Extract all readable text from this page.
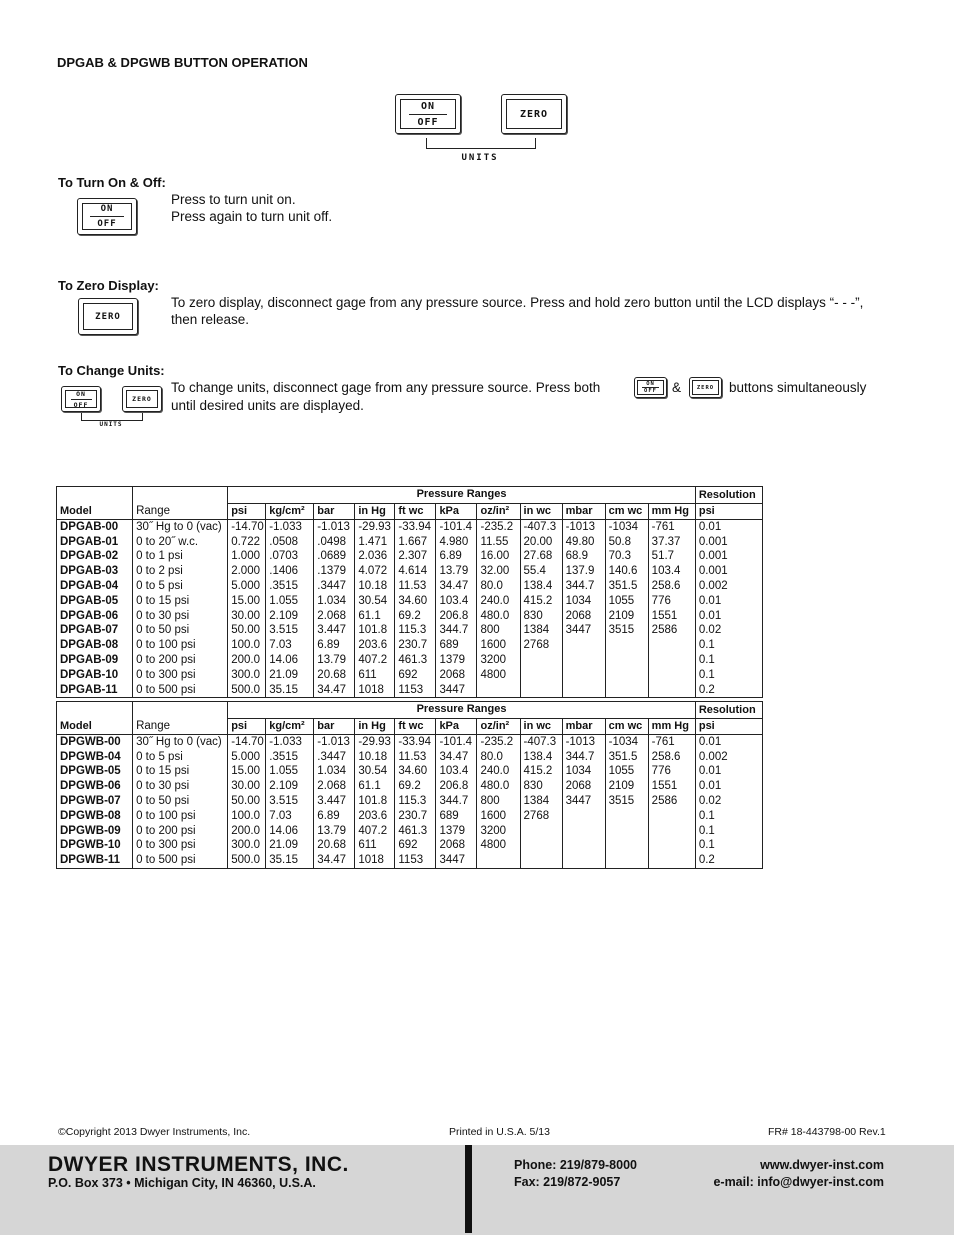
DPGAB & DPGWB BUTTON OPERATION
ON
OFF
ZERO
UNITS
To Turn On & Off:
ON
OFF
Press to turn unit on.
Press again to turn unit off.
To Zero Display:
ZERO
To zero display, disconnect gage from any pressure source. Press and hold zero button until the LCD displays “- - -”, then release.
To Change Units:
ON
OFF
ZERO
UNITS
To change units, disconnect gage from any pressure source. Press both	ON
OFF &	ZERO buttons simultaneously
until desired units are displayed.
Model	Range	Pressure Ranges											Resolution
		psi	kg/cm²	bar	in Hg	ft wc	kPa	oz/in²	in wc	mbar	cm wc	mm Hg	psi
DPGAB-00	30˝ Hg to 0 (vac)	-14.70	-1.033	-1.013	-29.93	-33.94	-101.4	-235.2	-407.3	-1013	-1034	-761	0.01
DPGAB-01	0 to 20˝ w.c.	0.722	.0508	.0498	1.471	1.667	4.980	11.55	20.00	49.80	50.8	37.37	0.001
DPGAB-02	0 to 1 psi	1.000	.0703	.0689	2.036	2.307	6.89	16.00	27.68	68.9	70.3	51.7	0.001
DPGAB-03	0 to 2 psi	2.000	.1406	.1379	4.072	4.614	13.79	32.00	55.4	137.9	140.6	103.4	0.001
DPGAB-04	0 to 5 psi	5.000	.3515	.3447	10.18	11.53	34.47	80.0	138.4	344.7	351.5	258.6	0.002
DPGAB-05	0 to 15 psi	15.00	1.055	1.034	30.54	34.60	103.4	240.0	415.2	1034	1055	776	0.01
DPGAB-06	0 to 30 psi	30.00	2.109	2.068	61.1	69.2	206.8	480.0	830	2068	2109	1551	0.01
DPGAB-07	0 to 50 psi	50.00	3.515	3.447	101.8	115.3	344.7	800	1384	3447	3515	2586	0.02
DPGAB-08	0 to 100 psi	100.0	7.03	6.89	203.6	230.7	689	1600	2768				0.1
DPGAB-09	0 to 200 psi	200.0	14.06	13.79	407.2	461.3	1379	3200					0.1
DPGAB-10	0 to 300 psi	300.0	21.09	20.68	611	692	2068	4800					0.1
DPGAB-11	0 to 500 psi	500.0	35.15	34.47	1018	1153	3447						0.2
Model	Range	Pressure Ranges											Resolution
		psi	kg/cm²	bar	in Hg	ft wc	kPa	oz/in²	in wc	mbar	cm wc	mm Hg	psi
DPGWB-00	30˝ Hg to 0 (vac)	-14.70	-1.033	-1.013	-29.93	-33.94	-101.4	-235.2	-407.3	-1013	-1034	-761	0.01
DPGWB-04	0 to 5 psi	5.000	.3515	.3447	10.18	11.53	34.47	80.0	138.4	344.7	351.5	258.6	0.002
DPGWB-05	0 to 15 psi	15.00	1.055	1.034	30.54	34.60	103.4	240.0	415.2	1034	1055	776	0.01
DPGWB-06	0 to 30 psi	30.00	2.109	2.068	61.1	69.2	206.8	480.0	830	2068	2109	1551	0.01
DPGWB-07	0 to 50 psi	50.00	3.515	3.447	101.8	115.3	344.7	800	1384	3447	3515	2586	0.02
DPGWB-08	0 to 100 psi	100.0	7.03	6.89	203.6	230.7	689	1600	2768				0.1
DPGWB-09	0 to 200 psi	200.0	14.06	13.79	407.2	461.3	1379	3200					0.1
DPGWB-10	0 to 300 psi	300.0	21.09	20.68	611	692	2068	4800					0.1
DPGWB-11	0 to 500 psi	500.0	35.15	34.47	1018	1153	3447						0.2
©Copyright 2013 Dwyer Instruments, Inc.	Printed in U.S.A. 5/13	FR# 18-443798-00 Rev.1
DWYER INSTRUMENTS, INC.
P.O. Box 373 • Michigan City, IN 46360, U.S.A.
Phone: 219/879-8000
Fax: 219/872-9057
www.dwyer-inst.com
e-mail: info@dwyer-inst.com
